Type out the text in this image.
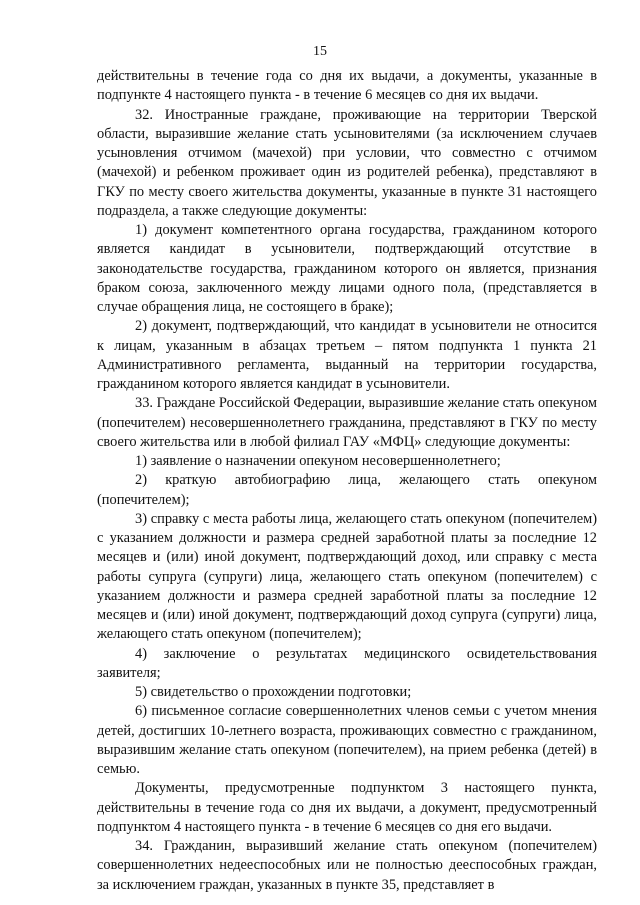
15

действительны в течение года со дня их выдачи, а документы, указанные в подпункте 4 настоящего пункта - в течение 6 месяцев со дня их выдачи.

32. Иностранные граждане, проживающие на территории Тверской области, выразившие желание стать усыновителями (за исключением случаев усыновления отчимом (мачехой) при условии, что совместно с отчимом (мачехой) и ребенком проживает один из родителей ребенка), представляют в ГКУ по месту своего жительства документы, указанные в пункте 31 настоящего подраздела, а также следующие документы:

1) документ компетентного органа государства, гражданином которого является кандидат в усыновители, подтверждающий отсутствие в законодательстве государства, гражданином которого он является, признания браком союза, заключенного между лицами одного пола, (представляется в случае обращения лица, не состоящего в браке);

2) документ, подтверждающий, что кандидат в усыновители не относится к лицам, указанным в абзацах третьем – пятом подпункта 1 пункта 21 Административного регламента, выданный на территории государства, гражданином которого является кандидат в усыновители.

33. Граждане Российской Федерации, выразившие желание стать опекуном (попечителем) несовершеннолетнего гражданина, представляют в ГКУ по месту своего жительства или в любой филиал ГАУ «МФЦ» следующие документы:

1) заявление о назначении опекуном несовершеннолетнего;

2) краткую автобиографию лица, желающего стать опекуном (попечителем);

3) справку с места работы лица, желающего стать опекуном (попечителем) с указанием должности и размера средней заработной платы за последние 12 месяцев и (или) иной документ, подтверждающий доход, или справку с места работы супруга (супруги) лица, желающего стать опекуном (попечителем) с указанием должности и размера средней заработной платы за последние 12 месяцев и (или) иной документ, подтверждающий доход супруга (супруги) лица, желающего стать опекуном (попечителем);

4) заключение о результатах медицинского освидетельствования заявителя;

5) свидетельство о прохождении подготовки;

6) письменное согласие совершеннолетних членов семьи с учетом мнения детей, достигших 10-летнего возраста, проживающих совместно с гражданином, выразившим желание стать опекуном (попечителем), на прием ребенка (детей) в семью.

Документы, предусмотренные подпунктом 3 настоящего пункта, действительны в течение года со дня их выдачи, а документ, предусмотренный подпунктом 4 настоящего пункта - в течение 6 месяцев со дня его выдачи.

34. Гражданин, выразивший желание стать опекуном (попечителем) совершеннолетних недееспособных или не полностью дееспособных граждан, за исключением граждан, указанных в пункте 35, представляет в
